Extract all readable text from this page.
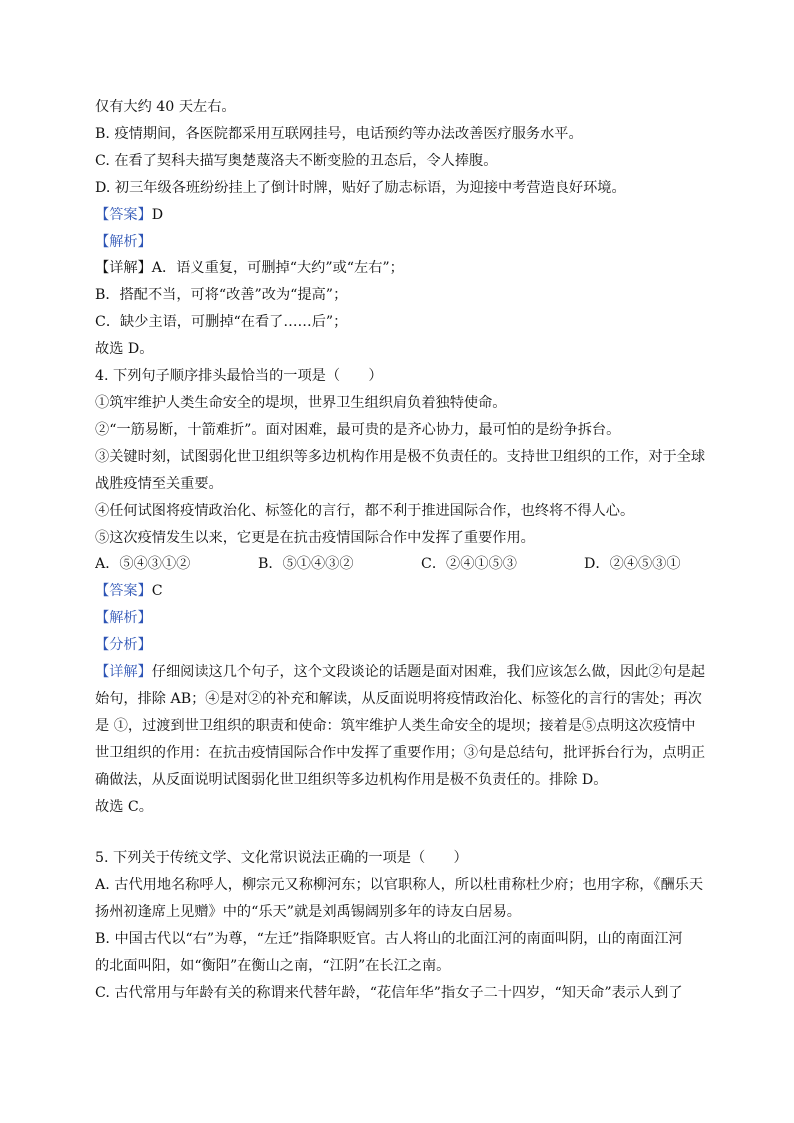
仅有大约 40 天左右。
B. 疫情期间，各医院都采用互联网挂号，电话预约等办法改善医疗服务水平。
C. 在看了契科夫描写奥楚蔑洛夫不断变脸的丑态后，令人捧腹。
D. 初三年级各班纷纷挂上了倒计时牌，贴好了励志标语，为迎接中考营造良好环境。
【答案】D
【解析】
【详解】A．语义重复，可删掉“大约”或“左右”；
B．搭配不当，可将“改善”改为“提高”；
C．缺少主语，可删掉“在看了……后”；
故选 D。
4. 下列句子顺序排头最恰当的一项是（　　）
①筑牢维护人类生命安全的堤坝，世界卫生组织肩负着独特使命。
②“一筋易断，十箭难折”。面对困难，最可贵的是齐心协力，最可怕的是纷争拆台。
③关键时刻，试图弱化世卫组织等多边机构作用是极不负责任的。支持世卫组织的工作，对于全球
战胜疫情至关重要。
④任何试图将疫情政治化、标签化的言行，都不利于推进国际合作，也终将不得人心。
⑤这次疫情发生以来，它更是在抗击疫情国际合作中发挥了重要作用。
A．⑤④③①②	B．⑤①④③②	C．②④①⑤③	D．②④⑤③①
【答案】C
【解析】
【分析】
【详解】仔细阅读这几个句子，这个文段谈论的话题是面对困难，我们应该怎么做，因此②句是起
始句，排除 AB；④是对②的补充和解读，从反面说明将疫情政治化、标签化的言行的害处；再次
是 ①，过渡到世卫组织的职责和使命：筑牢维护人类生命安全的堤坝；接着是⑤点明这次疫情中
世卫组织的作用：在抗击疫情国际合作中发挥了重要作用；③句是总结句，批评拆台行为，点明正
确做法，从反面说明试图弱化世卫组织等多边机构作用是极不负责任的。排除 D。
故选 C。
5. 下列关于传统文学、文化常识说法正确的一项是（　　）
A. 古代用地名称呼人，柳宗元又称柳河东；以官职称人，所以杜甫称杜少府；也用字称，《酬乐天
扬州初逢席上见赠》中的“乐天”就是刘禹锡阔别多年的诗友白居易。
B. 中国古代以“右”为尊，“左迁”指降职贬官。古人将山的北面江河的南面叫阴，山的南面江河
的北面叫阳，如“衡阳”在衡山之南，“江阴”在长江之南。
C. 古代常用与年龄有关的称谓来代替年龄，“花信年华”指女子二十四岁，“知天命”表示人到了
